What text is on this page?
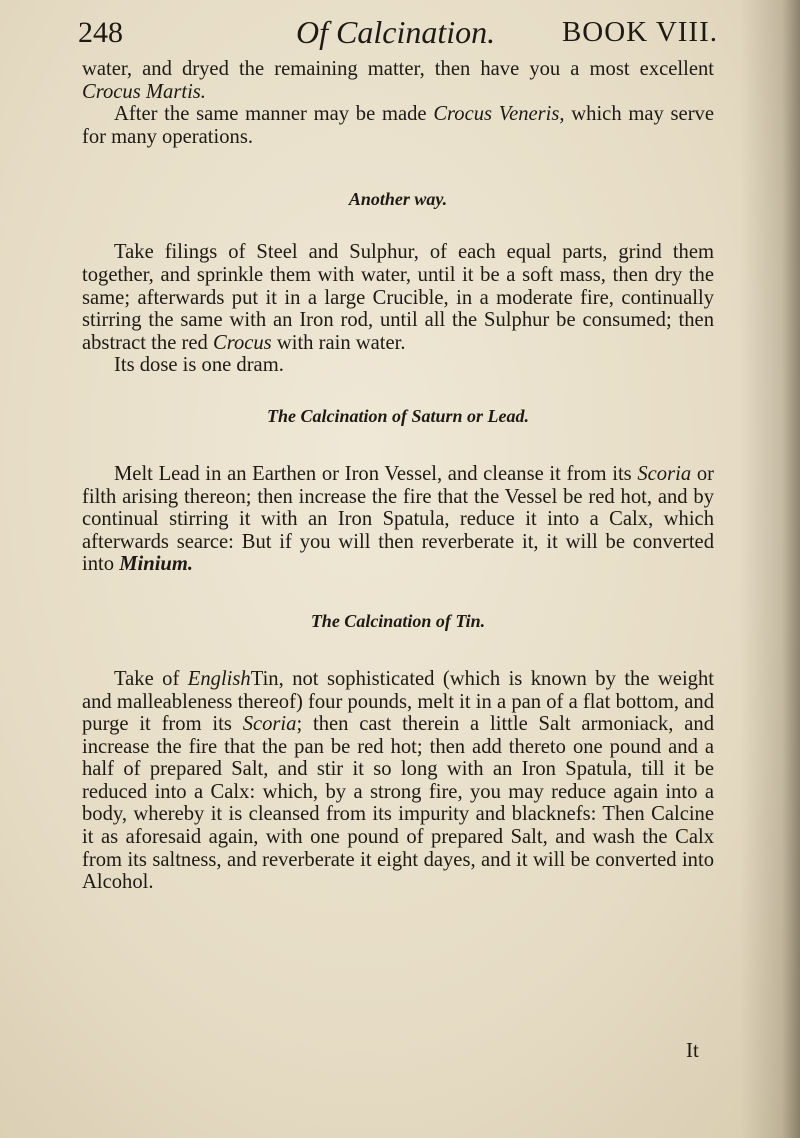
248	Of Calcination. BOOK VIII.

water, and dryed the remaining matter, then have you a most excellent Crocus Martis.

After the same manner may be made Crocus Veneris, which may serve for many operations.

Another way.

Take filings of Steel and Sulphur, of each equal parts, grind them together, and sprinkle them with water, until it be a soft mass, then dry the same; afterwards put it in a large Crucible, in a moderate fire, continually stirring the same with an Iron rod, until all the Sulphur be consumed; then abstract the red Crocus with rain water.

Its dose is one dram.

The Calcination of Saturn or Lead.

Melt Lead in an Earthen or Iron Vessel, and cleanse it from its Scoria or filth arising thereon; then increase the fire that the Vessel be red hot, and by continual stirring it with an Iron Spatula, reduce it into a Calx, which afterwards searce: But if you will then reverberate it, it will be converted into Minium.

The Calcination of Tin.

Take of EnglishTin, not sophisticated (which is known by the weight and malleableness thereof) four pounds, melt it in a pan of a flat bottom, and purge it from its Scoria; then cast therein a little Salt armoniack, and increase the fire that the pan be red hot; then add thereto one pound and a half of prepared Salt, and stir it so long with an Iron Spatula, till it be reduced into a Calx: which, by a strong fire, you may reduce again into a body, whereby it is cleansed from its impurity and blacknefs: Then Calcine it as aforesaid again, with one pound of prepared Salt, and wash the Calx from its saltness, and reverberate it eight dayes, and it will be converted into Alcohol.

It
